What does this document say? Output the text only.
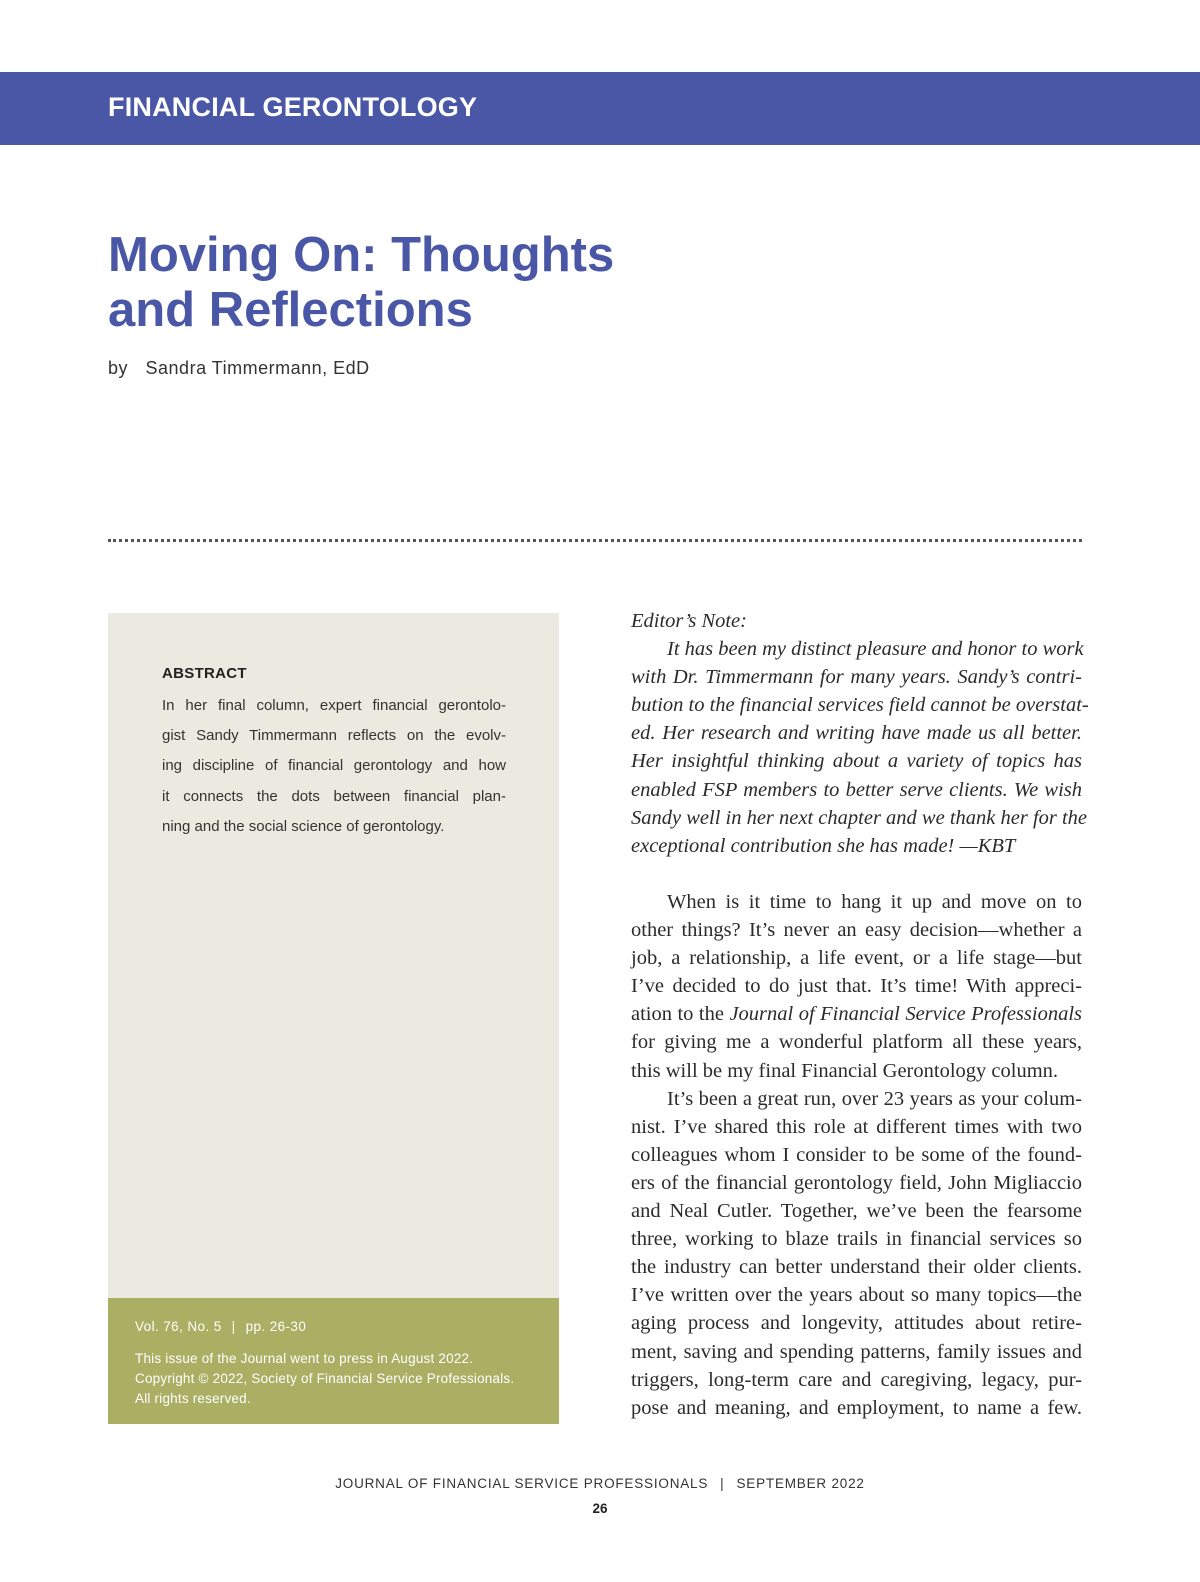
FINANCIAL GERONTOLOGY
Moving On: Thoughts
and Reflections
by Sandra Timmermann, EdD
ABSTRACT
In her final column, expert financial gerontolo-
gist Sandy Timmermann reflects on the evolv-
ing discipline of financial gerontology and how
it connects the dots between financial plan-
ning and the social science of gerontology.
Vol. 76, No. 5 | pp. 26-30
This issue of the Journal went to press in August 2022.
Copyright © 2022, Society of Financial Service Professionals.
All rights reserved.
Editor’s Note:
It has been my distinct pleasure and honor to work
with Dr. Timmermann for many years. Sandy’s contri-
bution to the financial services field cannot be overstat-
ed. Her research and writing have made us all better.
Her insightful thinking about a variety of topics has
enabled FSP members to better serve clients. We wish
Sandy well in her next chapter and we thank her for the
exceptional contribution she has made! —KBT
When is it time to hang it up and move on to
other things? It’s never an easy decision—whether a
job, a relationship, a life event, or a life stage—but
I’ve decided to do just that. It’s time! With appreci-
ation to the Journal of Financial Service Professionals
for giving me a wonderful platform all these years,
this will be my final Financial Gerontology column.
It’s been a great run, over 23 years as your colum-
nist. I’ve shared this role at different times with two
colleagues whom I consider to be some of the found-
ers of the financial gerontology field, John Migliaccio
and Neal Cutler. Together, we’ve been the fearsome
three, working to blaze trails in financial services so
the industry can better understand their older clients.
I’ve written over the years about so many topics—the
aging process and longevity, attitudes about retire-
ment, saving and spending patterns, family issues and
triggers, long-term care and caregiving, legacy, pur-
pose and meaning, and employment, to name a few.
JOURNAL OF FINANCIAL SERVICE PROFESSIONALS | SEPTEMBER 2022
26
